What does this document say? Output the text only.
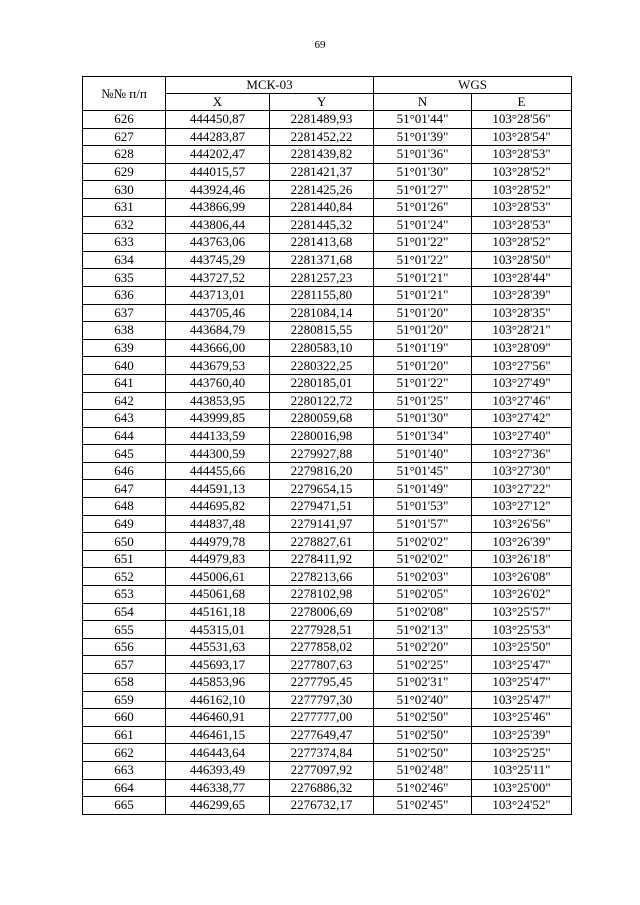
69
№№ п/п	МСК-03		WGS	
	X	Y	N	E
626	444450,87	2281489,93	51°01'44"	103°28'56"
627	444283,87	2281452,22	51°01'39"	103°28'54"
628	444202,47	2281439,82	51°01'36"	103°28'53"
629	444015,57	2281421,37	51°01'30"	103°28'52"
630	443924,46	2281425,26	51°01'27"	103°28'52"
631	443866,99	2281440,84	51°01'26"	103°28'53"
632	443806,44	2281445,32	51°01'24"	103°28'53"
633	443763,06	2281413,68	51°01'22"	103°28'52"
634	443745,29	2281371,68	51°01'22"	103°28'50"
635	443727,52	2281257,23	51°01'21"	103°28'44"
636	443713,01	2281155,80	51°01'21"	103°28'39"
637	443705,46	2281084,14	51°01'20"	103°28'35"
638	443684,79	2280815,55	51°01'20"	103°28'21"
639	443666,00	2280583,10	51°01'19"	103°28'09"
640	443679,53	2280322,25	51°01'20"	103°27'56"
641	443760,40	2280185,01	51°01'22"	103°27'49"
642	443853,95	2280122,72	51°01'25"	103°27'46"
643	443999,85	2280059,68	51°01'30"	103°27'42"
644	444133,59	2280016,98	51°01'34"	103°27'40"
645	444300,59	2279927,88	51°01'40"	103°27'36"
646	444455,66	2279816,20	51°01'45"	103°27'30"
647	444591,13	2279654,15	51°01'49"	103°27'22"
648	444695,82	2279471,51	51°01'53"	103°27'12"
649	444837,48	2279141,97	51°01'57"	103°26'56"
650	444979,78	2278827,61	51°02'02"	103°26'39"
651	444979,83	2278411,92	51°02'02"	103°26'18"
652	445006,61	2278213,66	51°02'03"	103°26'08"
653	445061,68	2278102,98	51°02'05"	103°26'02"
654	445161,18	2278006,69	51°02'08"	103°25'57"
655	445315,01	2277928,51	51°02'13"	103°25'53"
656	445531,63	2277858,02	51°02'20"	103°25'50"
657	445693,17	2277807,63	51°02'25"	103°25'47"
658	445853,96	2277795,45	51°02'31"	103°25'47"
659	446162,10	2277797,30	51°02'40"	103°25'47"
660	446460,91	2277777,00	51°02'50"	103°25'46"
661	446461,15	2277649,47	51°02'50"	103°25'39"
662	446443,64	2277374,84	51°02'50"	103°25'25"
663	446393,49	2277097,92	51°02'48"	103°25'11"
664	446338,77	2276886,32	51°02'46"	103°25'00"
665	446299,65	2276732,17	51°02'45"	103°24'52"
